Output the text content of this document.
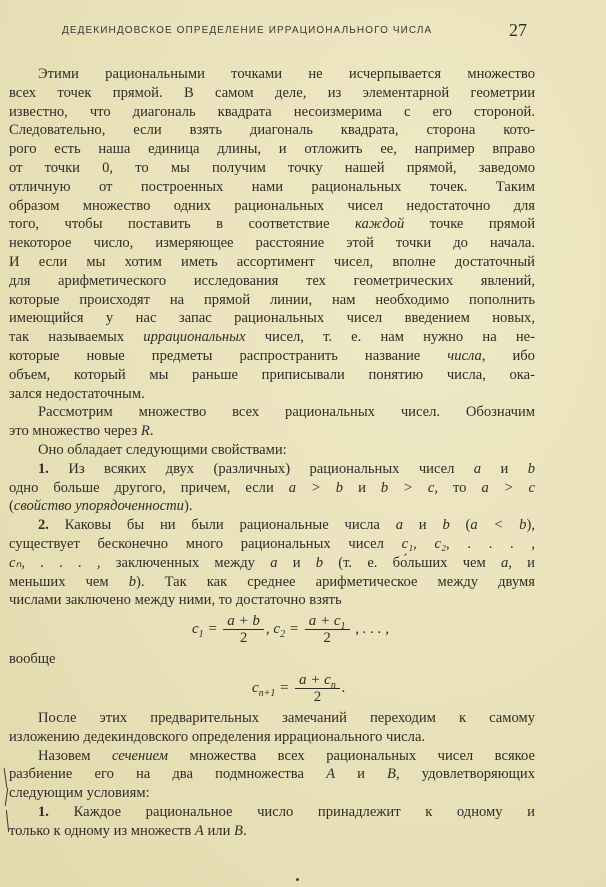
ДЕДЕКИНДОВСКОЕ ОПРЕДЕЛЕНИЕ ИРРАЦИОНАЛЬНОГО ЧИСЛА	27
Этими рациональными точками не исчерпывается множество
всех точек прямой. В самом деле, из элементарной геометрии
известно, что диагональ квадрата несоизмерима с его стороной.
Следовательно, если взять диагональ квадрата, сторона кото-
рого есть наша единица длины, и отложить ее, например вправо
от точки 0, то мы получим точку нашей прямой, заведомо
отличную от построенных нами рациональных точек. Таким
образом множество одних рациональных чисел недостаточно для
того, чтобы поставить в соответствие каждой точке прямой
некоторое число, измеряющее расстояние этой точки до начала.
И если мы хотим иметь ассортимент чисел, вполне достаточный
для арифметического исследования тех геометрических явлений,
которые происходят на прямой линии, нам необходимо пополнить
имеющийся у нас запас рациональных чисел введением новых,
так называемых иррациональных чисел, т. е. нам нужно на не-
которые новые предметы распространить название числа, ибо
объем, который мы раньше приписывали понятию числа, ока-
зался недостаточным.
Рассмотрим множество всех рациональных чисел. Обозначим
это множество через R.
Оно обладает следующими свойствами:
1. Из всяких двух (различных) рациональных чисел a и b
одно больше другого, причем, если a > b и b > c, то a > c
(свойство упорядоченности).
2. Каковы бы ни были рациональные числа a и b (a < b),
существует бесконечно много рациональных чисел c₁, c₂, . . . ,
cₙ, . . . , заключенных между a и b (т. е. бо́льших чем a, и
меньших чем b). Так как среднее арифметическое между двумя
числами заключено между ними, то достаточно взять
$c_1 = \frac{a + b}{2}$ , $c_2 = \frac{a + c_1}{2}$ , . . . ,
вообще
$c_{n+1} = \frac{a + c_n}{2}$ .
После этих предварительных замечаний переходим к самому
изложению дедекиндовского определения иррационального числа.
Назовем сечением множества всех рациональных чисел всякое
разбиение его на два подмножества A и B, удовлетворяющих
следующим условиям:
1. Каждое рациональное число принадлежит к одному и
только к одному из множеств A или B.
